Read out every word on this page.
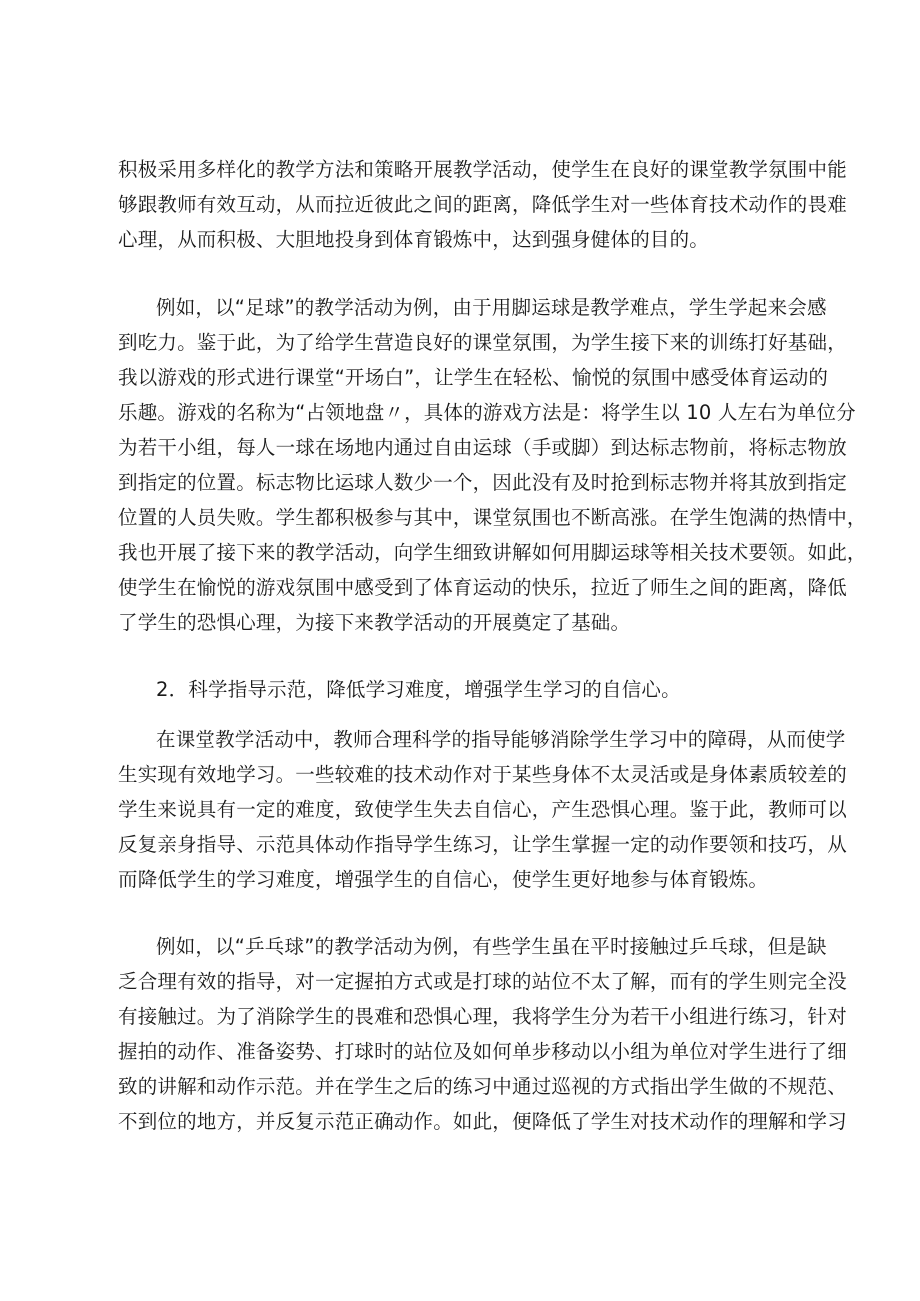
积极采用多样化的教学方法和策略开展教学活动，使学生在良好的课堂教学氛围中能
够跟教师有效互动，从而拉近彼此之间的距离，降低学生对一些体育技术动作的畏难
心理，从而积极、大胆地投身到体育锻炼中，达到强身健体的目的。
例如，以“足球”的教学活动为例，由于用脚运球是教学难点，学生学起来会感
到吃力。鉴于此，为了给学生营造良好的课堂氛围，为学生接下来的训练打好基础，
我以游戏的形式进行课堂“开场白”，让学生在轻松、愉悦的氛围中感受体育运动的
乐趣。游戏的名称为“占领地盘〃，具体的游戏方法是：将学生以 10 人左右为单位分
为若干小组，每人一球在场地内通过自由运球（手或脚）到达标志物前，将标志物放
到指定的位置。标志物比运球人数少一个，因此没有及时抢到标志物并将其放到指定
位置的人员失败。学生都积极参与其中，课堂氛围也不断高涨。在学生饱满的热情中，
我也开展了接下来的教学活动，向学生细致讲解如何用脚运球等相关技术要领。如此，
使学生在愉悦的游戏氛围中感受到了体育运动的快乐，拉近了师生之间的距离，降低
了学生的恐惧心理，为接下来教学活动的开展奠定了基础。
2．科学指导示范，降低学习难度，增强学生学习的自信心。
在课堂教学活动中，教师合理科学的指导能够消除学生学习中的障碍，从而使学
生实现有效地学习。一些较难的技术动作对于某些身体不太灵活或是身体素质较差的
学生来说具有一定的难度，致使学生失去自信心，产生恐惧心理。鉴于此，教师可以
反复亲身指导、示范具体动作指导学生练习，让学生掌握一定的动作要领和技巧，从
而降低学生的学习难度，增强学生的自信心，使学生更好地参与体育锻炼。
例如，以“乒乓球”的教学活动为例，有些学生虽在平时接触过乒乓球，但是缺
乏合理有效的指导，对一定握拍方式或是打球的站位不太了解，而有的学生则完全没
有接触过。为了消除学生的畏难和恐惧心理，我将学生分为若干小组进行练习，针对
握拍的动作、准备姿势、打球时的站位及如何单步移动以小组为单位对学生进行了细
致的讲解和动作示范。并在学生之后的练习中通过巡视的方式指出学生做的不规范、
不到位的地方，并反复示范正确动作。如此，便降低了学生对技术动作的理解和学习
